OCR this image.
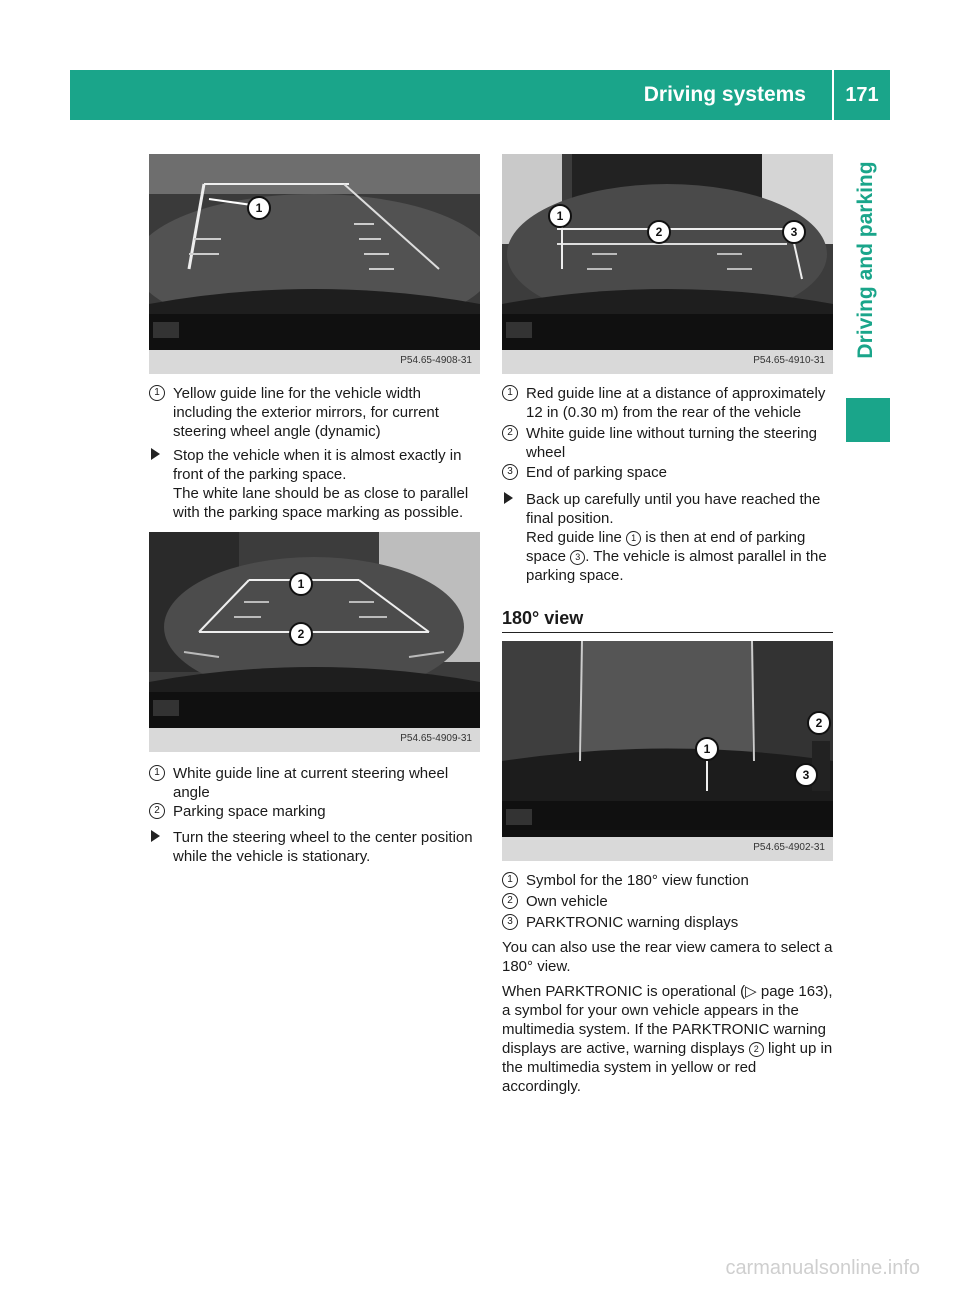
Driving systems	171
Driving and parking
1
P54.65-4908-31
1 Yellow guide line for the vehicle width including the exterior mirrors, for current steering wheel angle (dynamic)
Stop the vehicle when it is almost exactly in front of the parking space.
The white lane should be as close to parallel with the parking space marking as possible.
1
2
P54.65-4909-31
1 White guide line at current steering wheel angle
2 Parking space marking
Turn the steering wheel to the center position while the vehicle is stationary.
1
2	3
P54.65-4910-31
1 Red guide line at a distance of approximately 12 in (0.30 m) from the rear of the vehicle
2 White guide line without turning the steering wheel
3 End of parking space
Back up carefully until you have reached the final position.
Red guide line 1 is then at end of parking space 3 . The vehicle is almost parallel in the parking space.
180° view
1
2
3
P54.65-4902-31
1 Symbol for the 180° view function
2 Own vehicle
3 PARKTRONIC warning displays
You can also use the rear view camera to select a 180° view.
When PARKTRONIC is operational (▷ page 163), a symbol for your own vehicle appears in the multimedia system. If the PARKTRONIC warning displays are active, warning displays 2 light up in the multimedia system in yellow or red accordingly.
carmanualsonline.info
